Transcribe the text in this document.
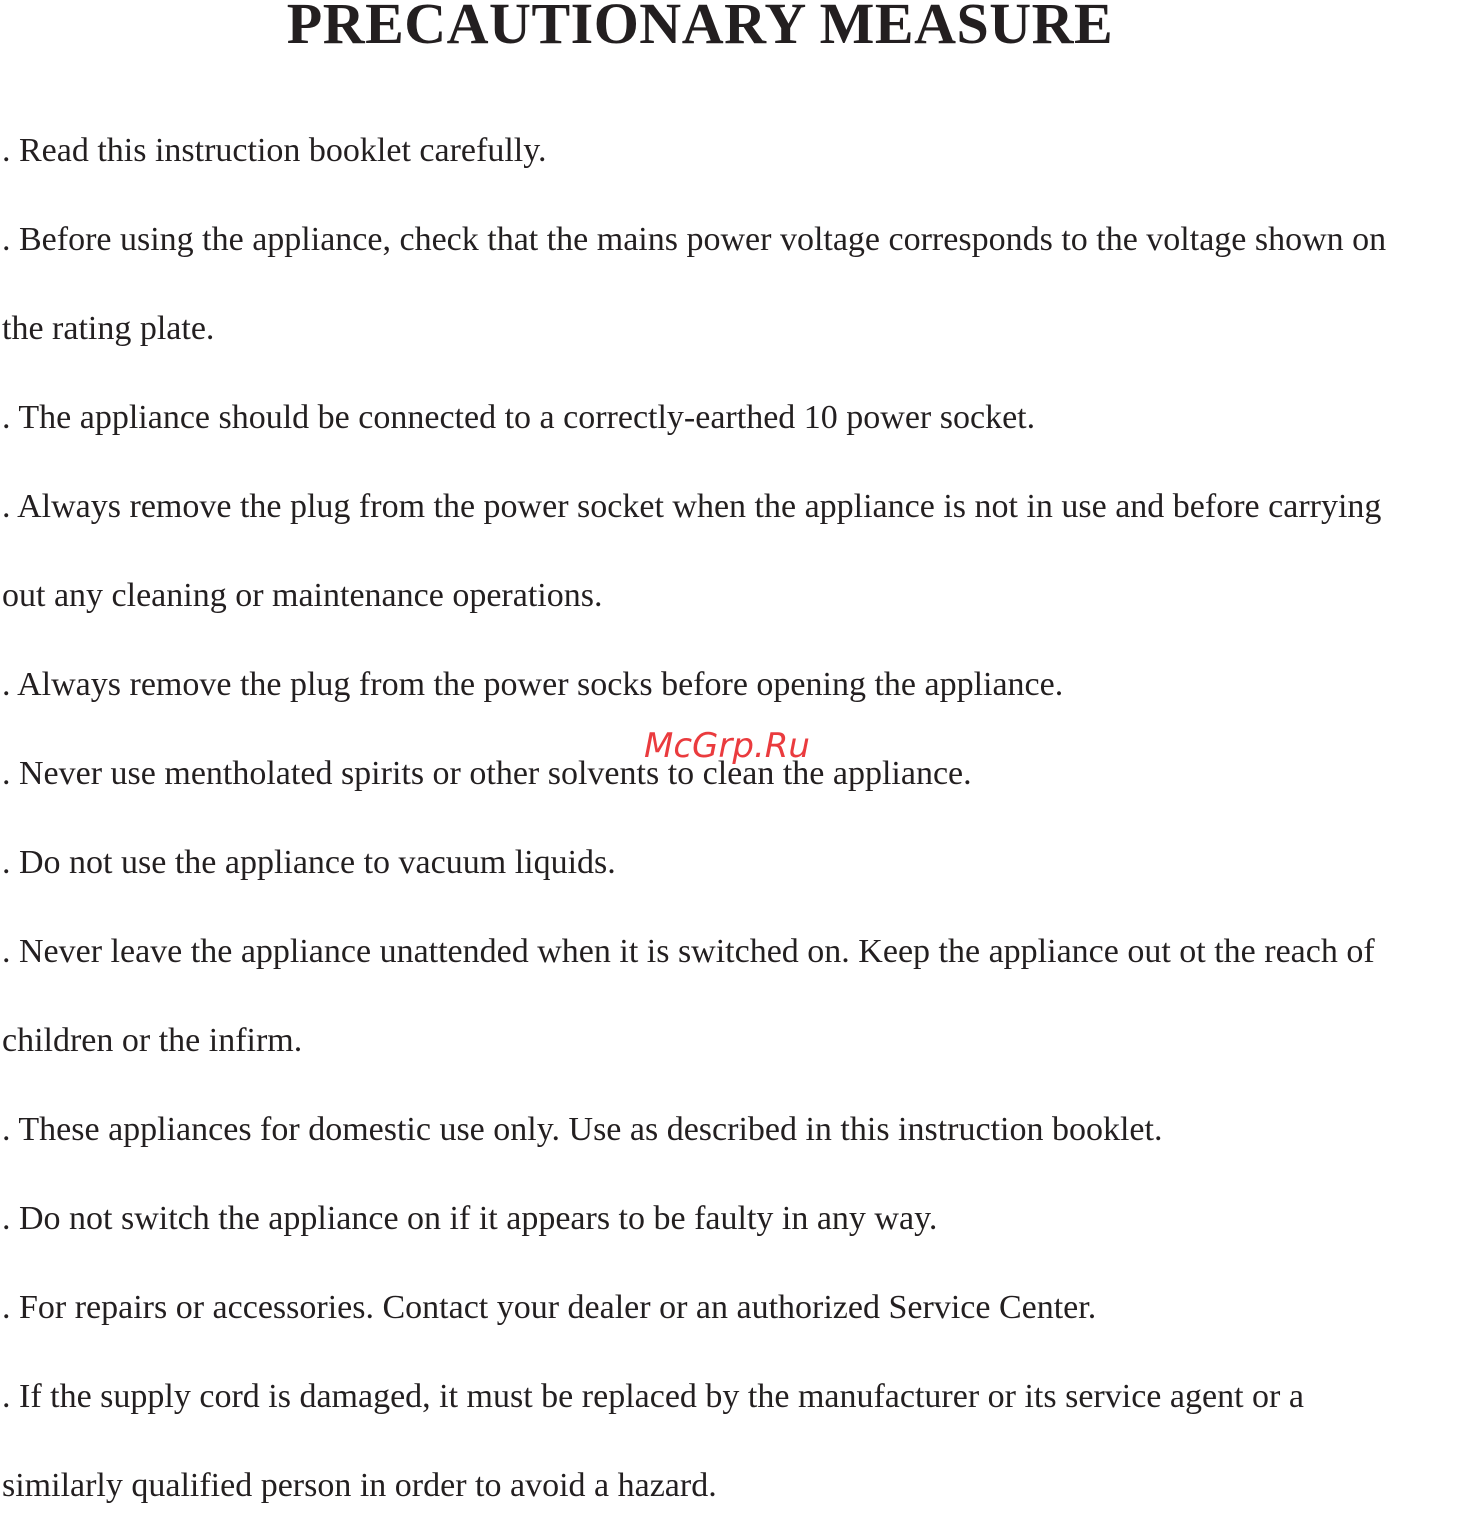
PRECAUTIONARY MEASURE
. Read this instruction booklet carefully.
. Before using the appliance, check that the mains power voltage corresponds to the voltage shown on
the rating plate.
. The appliance should be connected to a correctly-earthed 10 power socket.
. Always remove the plug from the power socket when the appliance is not in use and before carrying
out any cleaning or maintenance operations.
. Always remove the plug from the power socks before opening the appliance.
. Never use mentholated spirits or other solvents to clean the appliance.
. Do not use the appliance to vacuum liquids.
. Never leave the appliance unattended when it is switched on. Keep the appliance out ot the reach of
children or the infirm.
. These appliances for domestic use only. Use as described in this instruction booklet.
. Do not switch the appliance on if it appears to be faulty in any way.
. For repairs or accessories. Contact your dealer or an authorized Service Center.
. If the supply cord is damaged, it must be replaced by the manufacturer or its service agent or a
similarly qualified person in order to avoid a hazard.
McGrp.Ru
